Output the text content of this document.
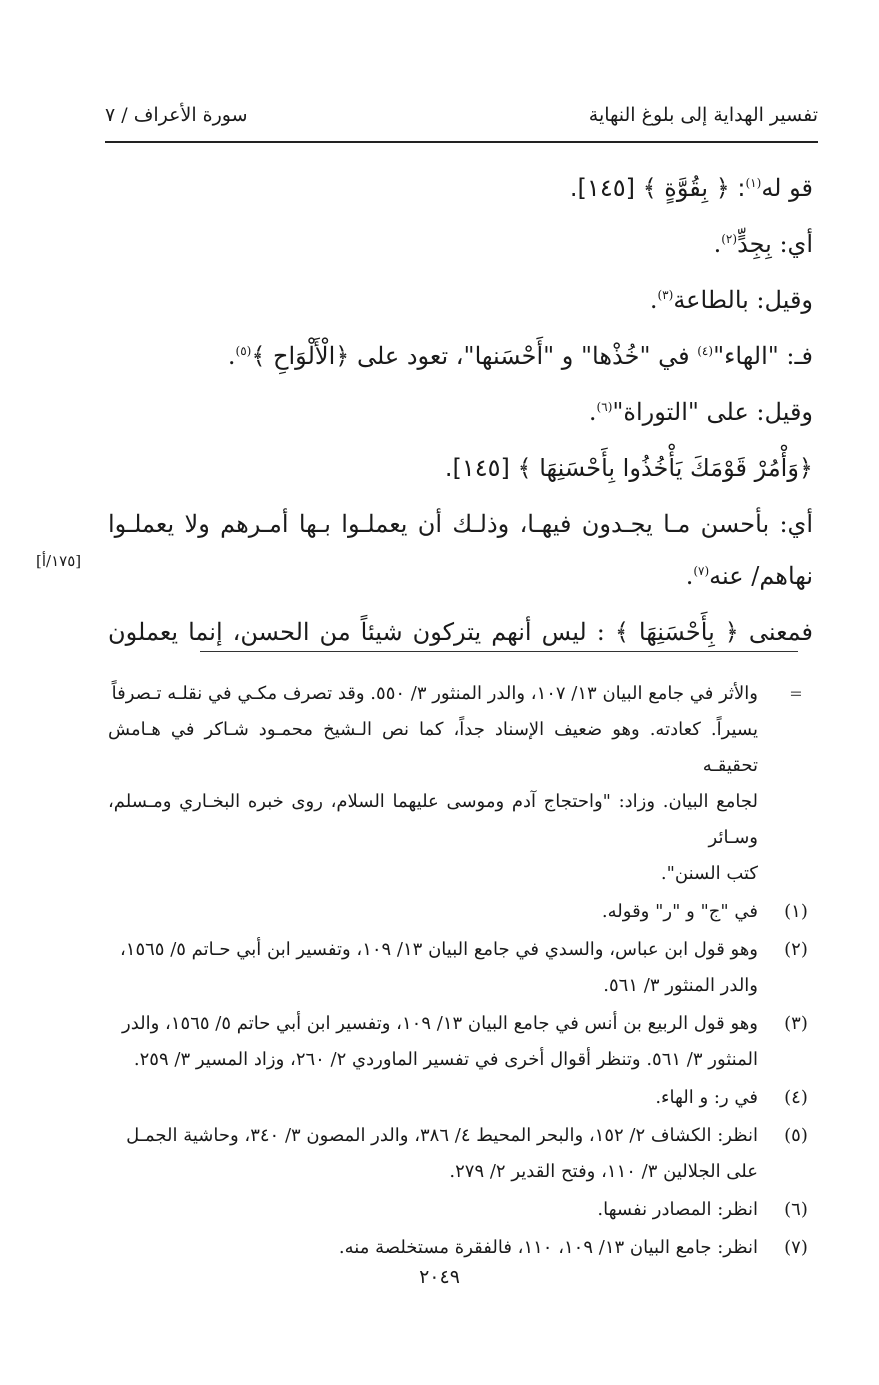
تفسير الهداية إلى بلوغ النهاية
سورة الأعراف / ٧
قو له$^{(١)}$: ﴿ بِقُوَّةٍ ﴾ [١٤٥].
أي: بِجِدٍّ$^{(٢)}$.
وقيل: بالطاعة$^{(٣)}$.
فـ: "الهاء"$^{(٤)}$ في "خُذْها" و "أَحْسَنها"، تعود على ﴿الْأَلْوَاحِ ﴾$^{(٥)}$.
وقيل: على "التوراة"$^{(٦)}$.
﴿وَأْمُرْ قَوْمَكَ يَأْخُذُوا بِأَحْسَنِهَا ﴾ [١٤٥].
أي: بأحسن مـا يجـدون فيهـا، وذلـك أن يعملـوا بـها أمـرهم ولا يعملـوا
نهاهم/ عنه$^{(٧)}$.
فمعنى ﴿ بِأَحْسَنِهَا ﴾ : ليس أنهم يتركون شيئاً من الحسن، إنما يعملون
[١٧٥/أ]
=
والأثر في جامع البيان ١٣/ ١٠٧، والدر المنثور ٣/ ٥٥٠. وقد تصرف مكـي في نقلـه تـصرفاً
يسيراً. كعادته. وهو ضعيف الإسناد جداً، كما نص الـشيخ محمـود شـاكر في هـامش تحقيقـه
لجامع البيان. وزاد: "واحتجاج آدم وموسى عليهما السلام، روى خبره البخـاري ومـسلم، وسـائر
كتب السنن".
(١)
في "ج" و "ر" وقوله.
(٢)
وهو قول ابن عباس، والسدي في جامع البيان ١٣/ ١٠٩، وتفسير ابن أبي حـاتم ٥/ ١٥٦٥،
والدر المنثور ٣/ ٥٦١.
(٣)
وهو قول الربيع بن أنس في جامع البيان ١٣/ ١٠٩، وتفسير ابن أبي حاتم ٥/ ١٥٦٥، والدر
المنثور ٣/ ٥٦١. وتنظر أقوال أخرى في تفسير الماوردي ٢/ ٢٦٠، وزاد المسير ٣/ ٢٥٩.
(٤)
في ر: و الهاء.
(٥)
انظر: الكشاف ٢/ ١٥٢، والبحر المحيط ٤/ ٣٨٦، والدر المصون ٣/ ٣٤٠، وحاشية الجمـل
على الجلالين ٣/ ١١٠، وفتح القدير ٢/ ٢٧٩.
(٦)
انظر: المصادر نفسها.
(٧)
انظر: جامع البيان ١٣/ ١٠٩، ١١٠، فالفقرة مستخلصة منه.
٢٠٤٩
